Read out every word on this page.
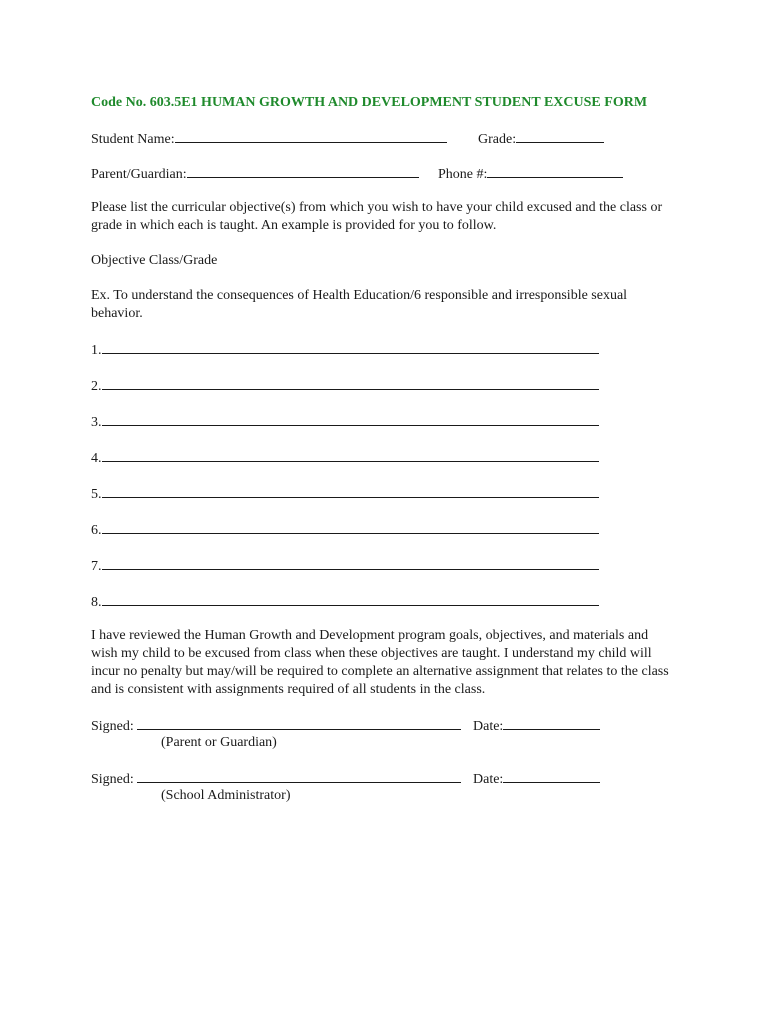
Code No. 603.5E1 HUMAN GROWTH AND DEVELOPMENT STUDENT EXCUSE FORM

Student Name:	Grade:
Parent/Guardian:	Phone #:

Please list the curricular objective(s) from which you wish to have your child excused and the class or grade in which each is taught. An example is provided for you to follow.

Objective Class/Grade

Ex. To understand the consequences of Health Education/6 responsible and irresponsible sexual behavior.

1.
2.
3.
4.
5.
6.
7.
8.

I have reviewed the Human Growth and Development program goals, objectives, and materials and wish my child to be excused from class when these objectives are taught. I understand my child will incur no penalty but may/will be required to complete an alternative assignment that relates to the class and is consistent with assignments required of all students in the class.

Signed:	Date:
(Parent or Guardian)
Signed:	Date:
(School Administrator)
